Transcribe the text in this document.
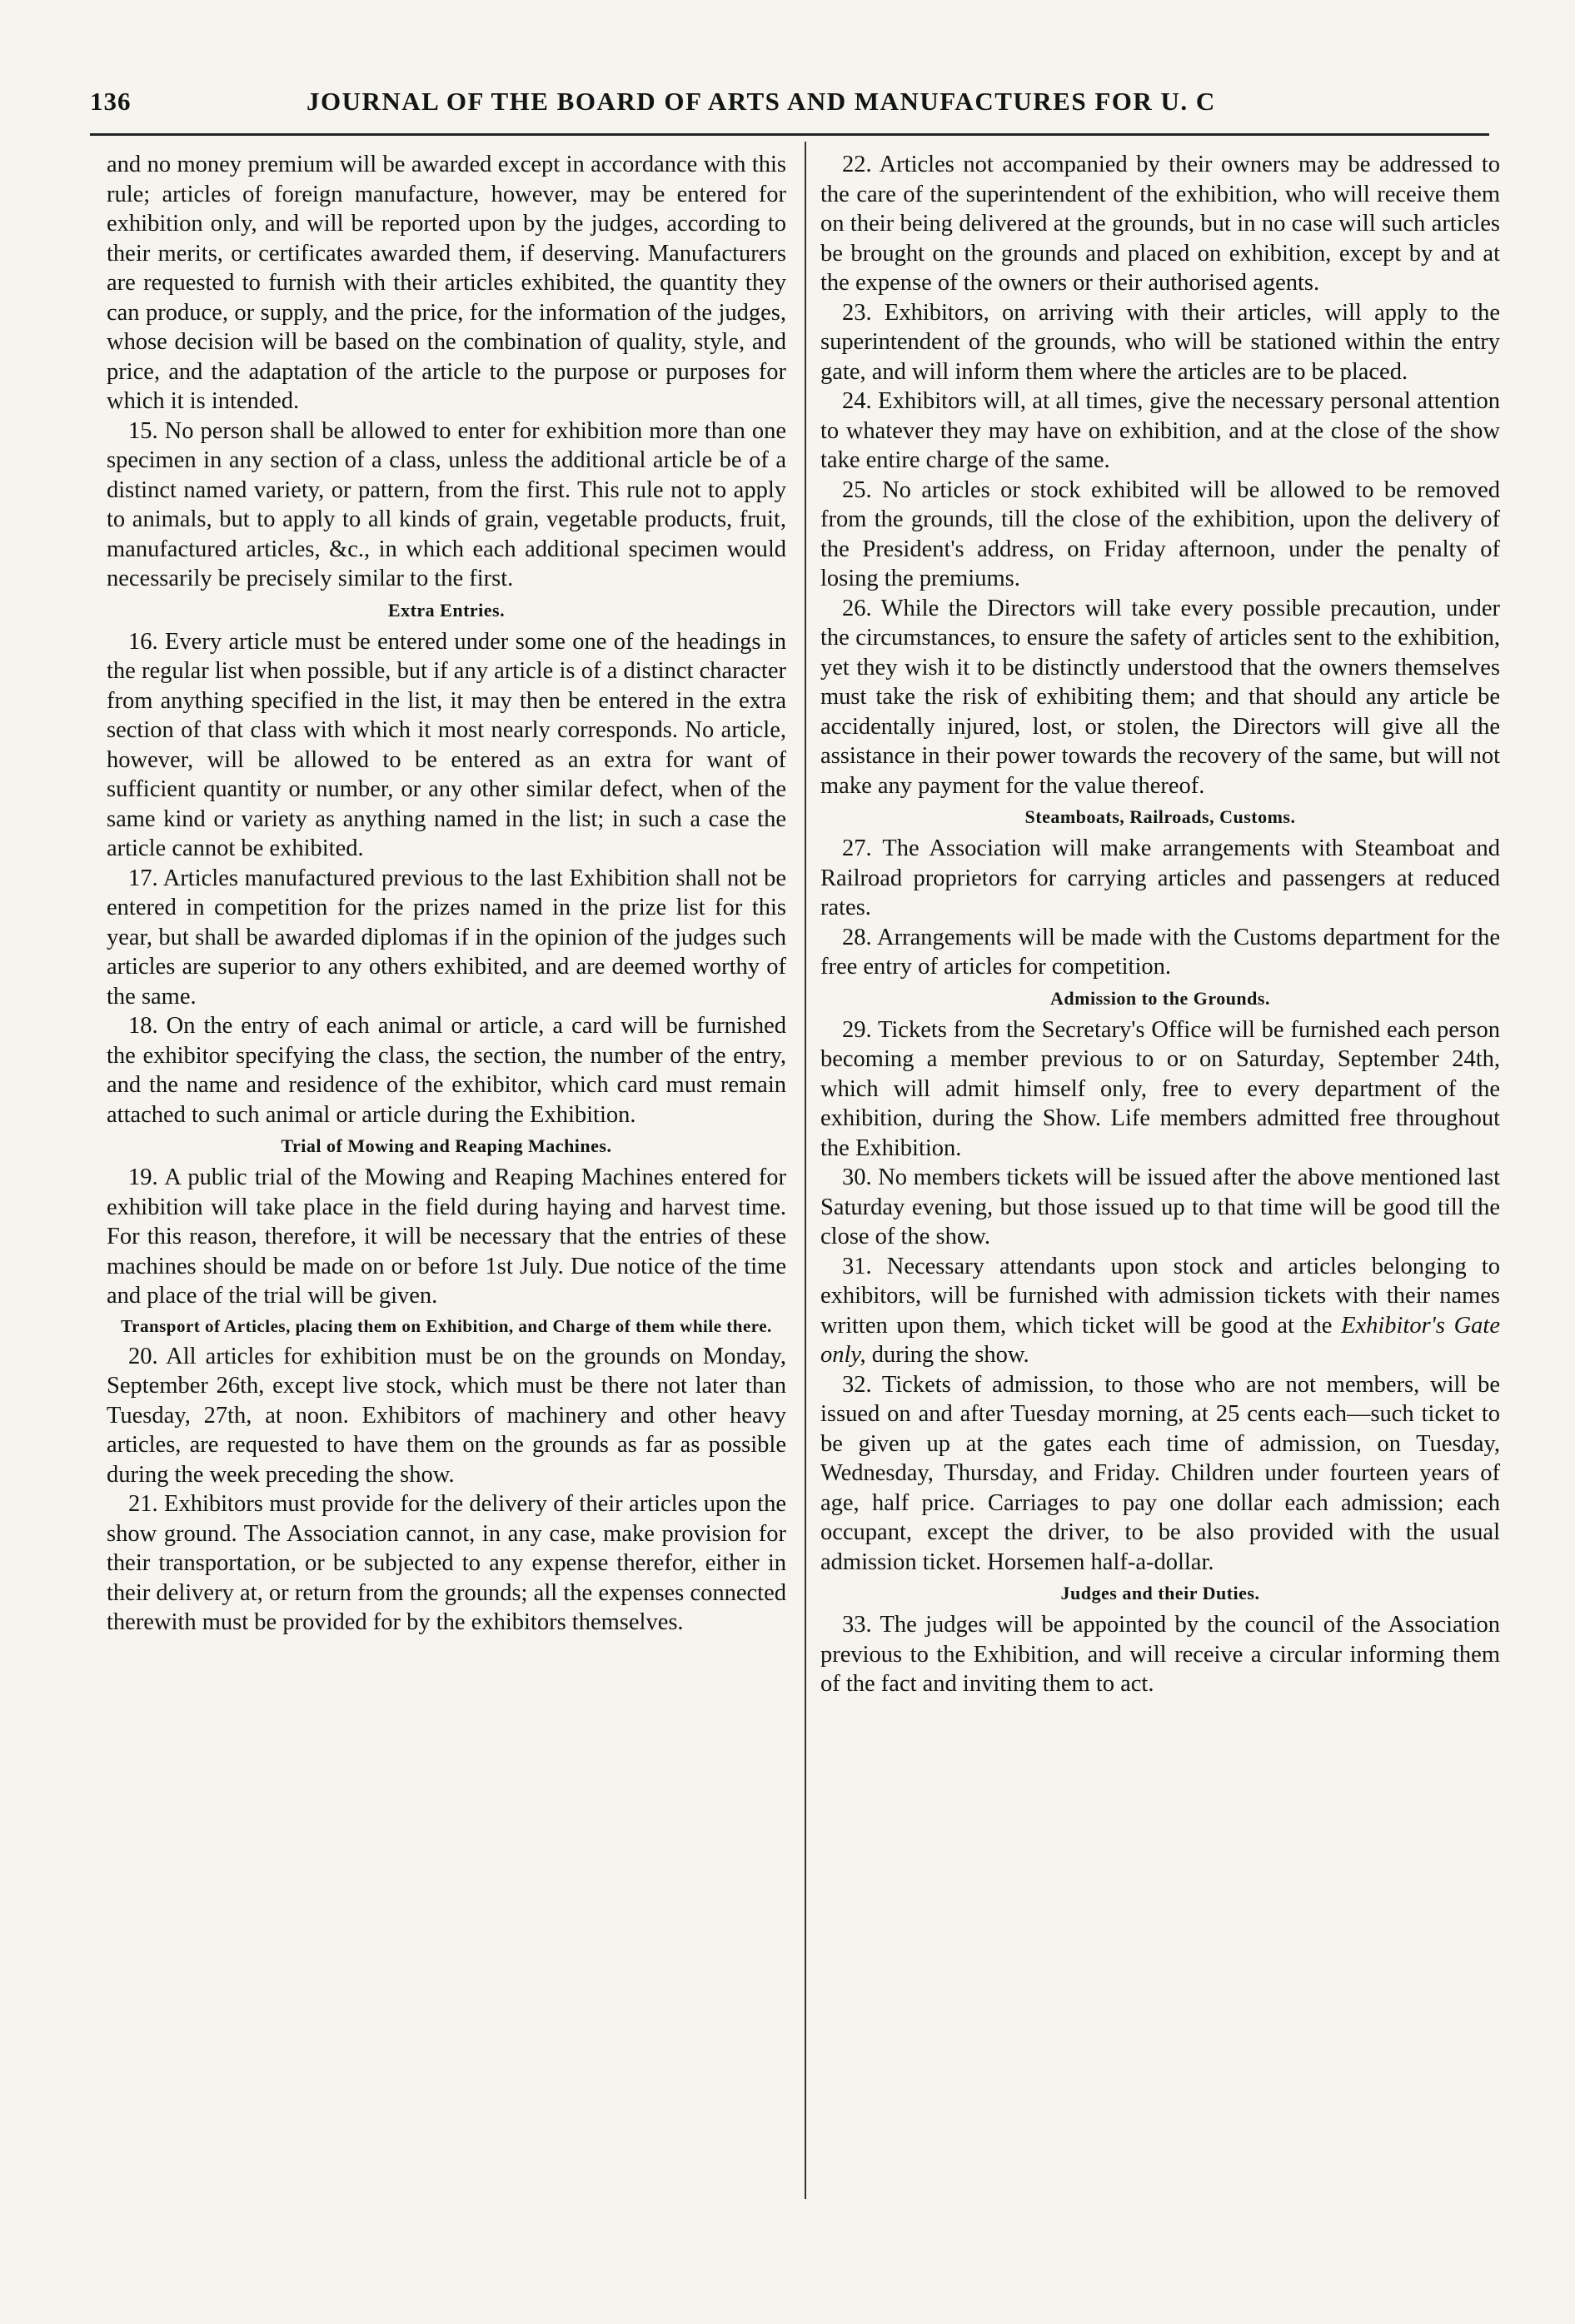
136	JOURNAL OF THE BOARD OF ARTS AND MANUFACTURES FOR U. C

and no money premium will be awarded except in accordance with this rule; articles of foreign manufacture, however, may be entered for exhibition only, and will be reported upon by the judges, according to their merits, or certificates awarded them, if deserving. Manufacturers are requested to furnish with their articles exhibited, the quantity they can produce, or supply, and the price, for the information of the judges, whose decision will be based on the combination of quality, style, and price, and the adaptation of the article to the purpose or purposes for which it is intended.

15. No person shall be allowed to enter for exhibition more than one specimen in any section of a class, unless the additional article be of a distinct named variety, or pattern, from the first. This rule not to apply to animals, but to apply to all kinds of grain, vegetable products, fruit, manufactured articles, &c., in which each additional specimen would necessarily be precisely similar to the first.

Extra Entries.

16. Every article must be entered under some one of the headings in the regular list when possible, but if any article is of a distinct character from anything specified in the list, it may then be entered in the extra section of that class with which it most nearly corresponds. No article, however, will be allowed to be entered as an extra for want of sufficient quantity or number, or any other similar defect, when of the same kind or variety as anything named in the list; in such a case the article cannot be exhibited.

17. Articles manufactured previous to the last Exhibition shall not be entered in competition for the prizes named in the prize list for this year, but shall be awarded diplomas if in the opinion of the judges such articles are superior to any others exhibited, and are deemed worthy of the same.

18. On the entry of each animal or article, a card will be furnished the exhibitor specifying the class, the section, the number of the entry, and the name and residence of the exhibitor, which card must remain attached to such animal or article during the Exhibition.

Trial of Mowing and Reaping Machines.

19. A public trial of the Mowing and Reaping Machines entered for exhibition will take place in the field during haying and harvest time. For this reason, therefore, it will be necessary that the entries of these machines should be made on or before 1st July. Due notice of the time and place of the trial will be given.

Transport of Articles, placing them on Exhibition, and Charge of them while there.

20. All articles for exhibition must be on the grounds on Monday, September 26th, except live stock, which must be there not later than Tuesday, 27th, at noon. Exhibitors of machinery and other heavy articles, are requested to have them on the grounds as far as possible during the week preceding the show.

21. Exhibitors must provide for the delivery of their articles upon the show ground. The Association cannot, in any case, make provision for their transportation, or be subjected to any expense therefor, either in their delivery at, or return from the grounds; all the expenses connected therewith must be provided for by the exhibitors themselves.

22. Articles not accompanied by their owners may be addressed to the care of the superintendent of the exhibition, who will receive them on their being delivered at the grounds, but in no case will such articles be brought on the grounds and placed on exhibition, except by and at the expense of the owners or their authorised agents.

23. Exhibitors, on arriving with their articles, will apply to the superintendent of the grounds, who will be stationed within the entry gate, and will inform them where the articles are to be placed.

24. Exhibitors will, at all times, give the necessary personal attention to whatever they may have on exhibition, and at the close of the show take entire charge of the same.

25. No articles or stock exhibited will be allowed to be removed from the grounds, till the close of the exhibition, upon the delivery of the President's address, on Friday afternoon, under the penalty of losing the premiums.

26. While the Directors will take every possible precaution, under the circumstances, to ensure the safety of articles sent to the exhibition, yet they wish it to be distinctly understood that the owners themselves must take the risk of exhibiting them; and that should any article be accidentally injured, lost, or stolen, the Directors will give all the assistance in their power towards the recovery of the same, but will not make any payment for the value thereof.

Steamboats, Railroads, Customs.

27. The Association will make arrangements with Steamboat and Railroad proprietors for carrying articles and passengers at reduced rates.

28. Arrangements will be made with the Customs department for the free entry of articles for competition.

Admission to the Grounds.

29. Tickets from the Secretary's Office will be furnished each person becoming a member previous to or on Saturday, September 24th, which will admit himself only, free to every department of the exhibition, during the Show. Life members admitted free throughout the Exhibition.

30. No members tickets will be issued after the above mentioned last Saturday evening, but those issued up to that time will be good till the close of the show.

31. Necessary attendants upon stock and articles belonging to exhibitors, will be furnished with admission tickets with their names written upon them, which ticket will be good at the Exhibitor's Gate only, during the show.

32. Tickets of admission, to those who are not members, will be issued on and after Tuesday morning, at 25 cents each—such ticket to be given up at the gates each time of admission, on Tuesday, Wednesday, Thursday, and Friday. Children under fourteen years of age, half price. Carriages to pay one dollar each admission; each occupant, except the driver, to be also provided with the usual admission ticket. Horsemen half-a-dollar.

Judges and their Duties.

33. The judges will be appointed by the council of the Association previous to the Exhibition, and will receive a circular informing them of the fact and inviting them to act.
